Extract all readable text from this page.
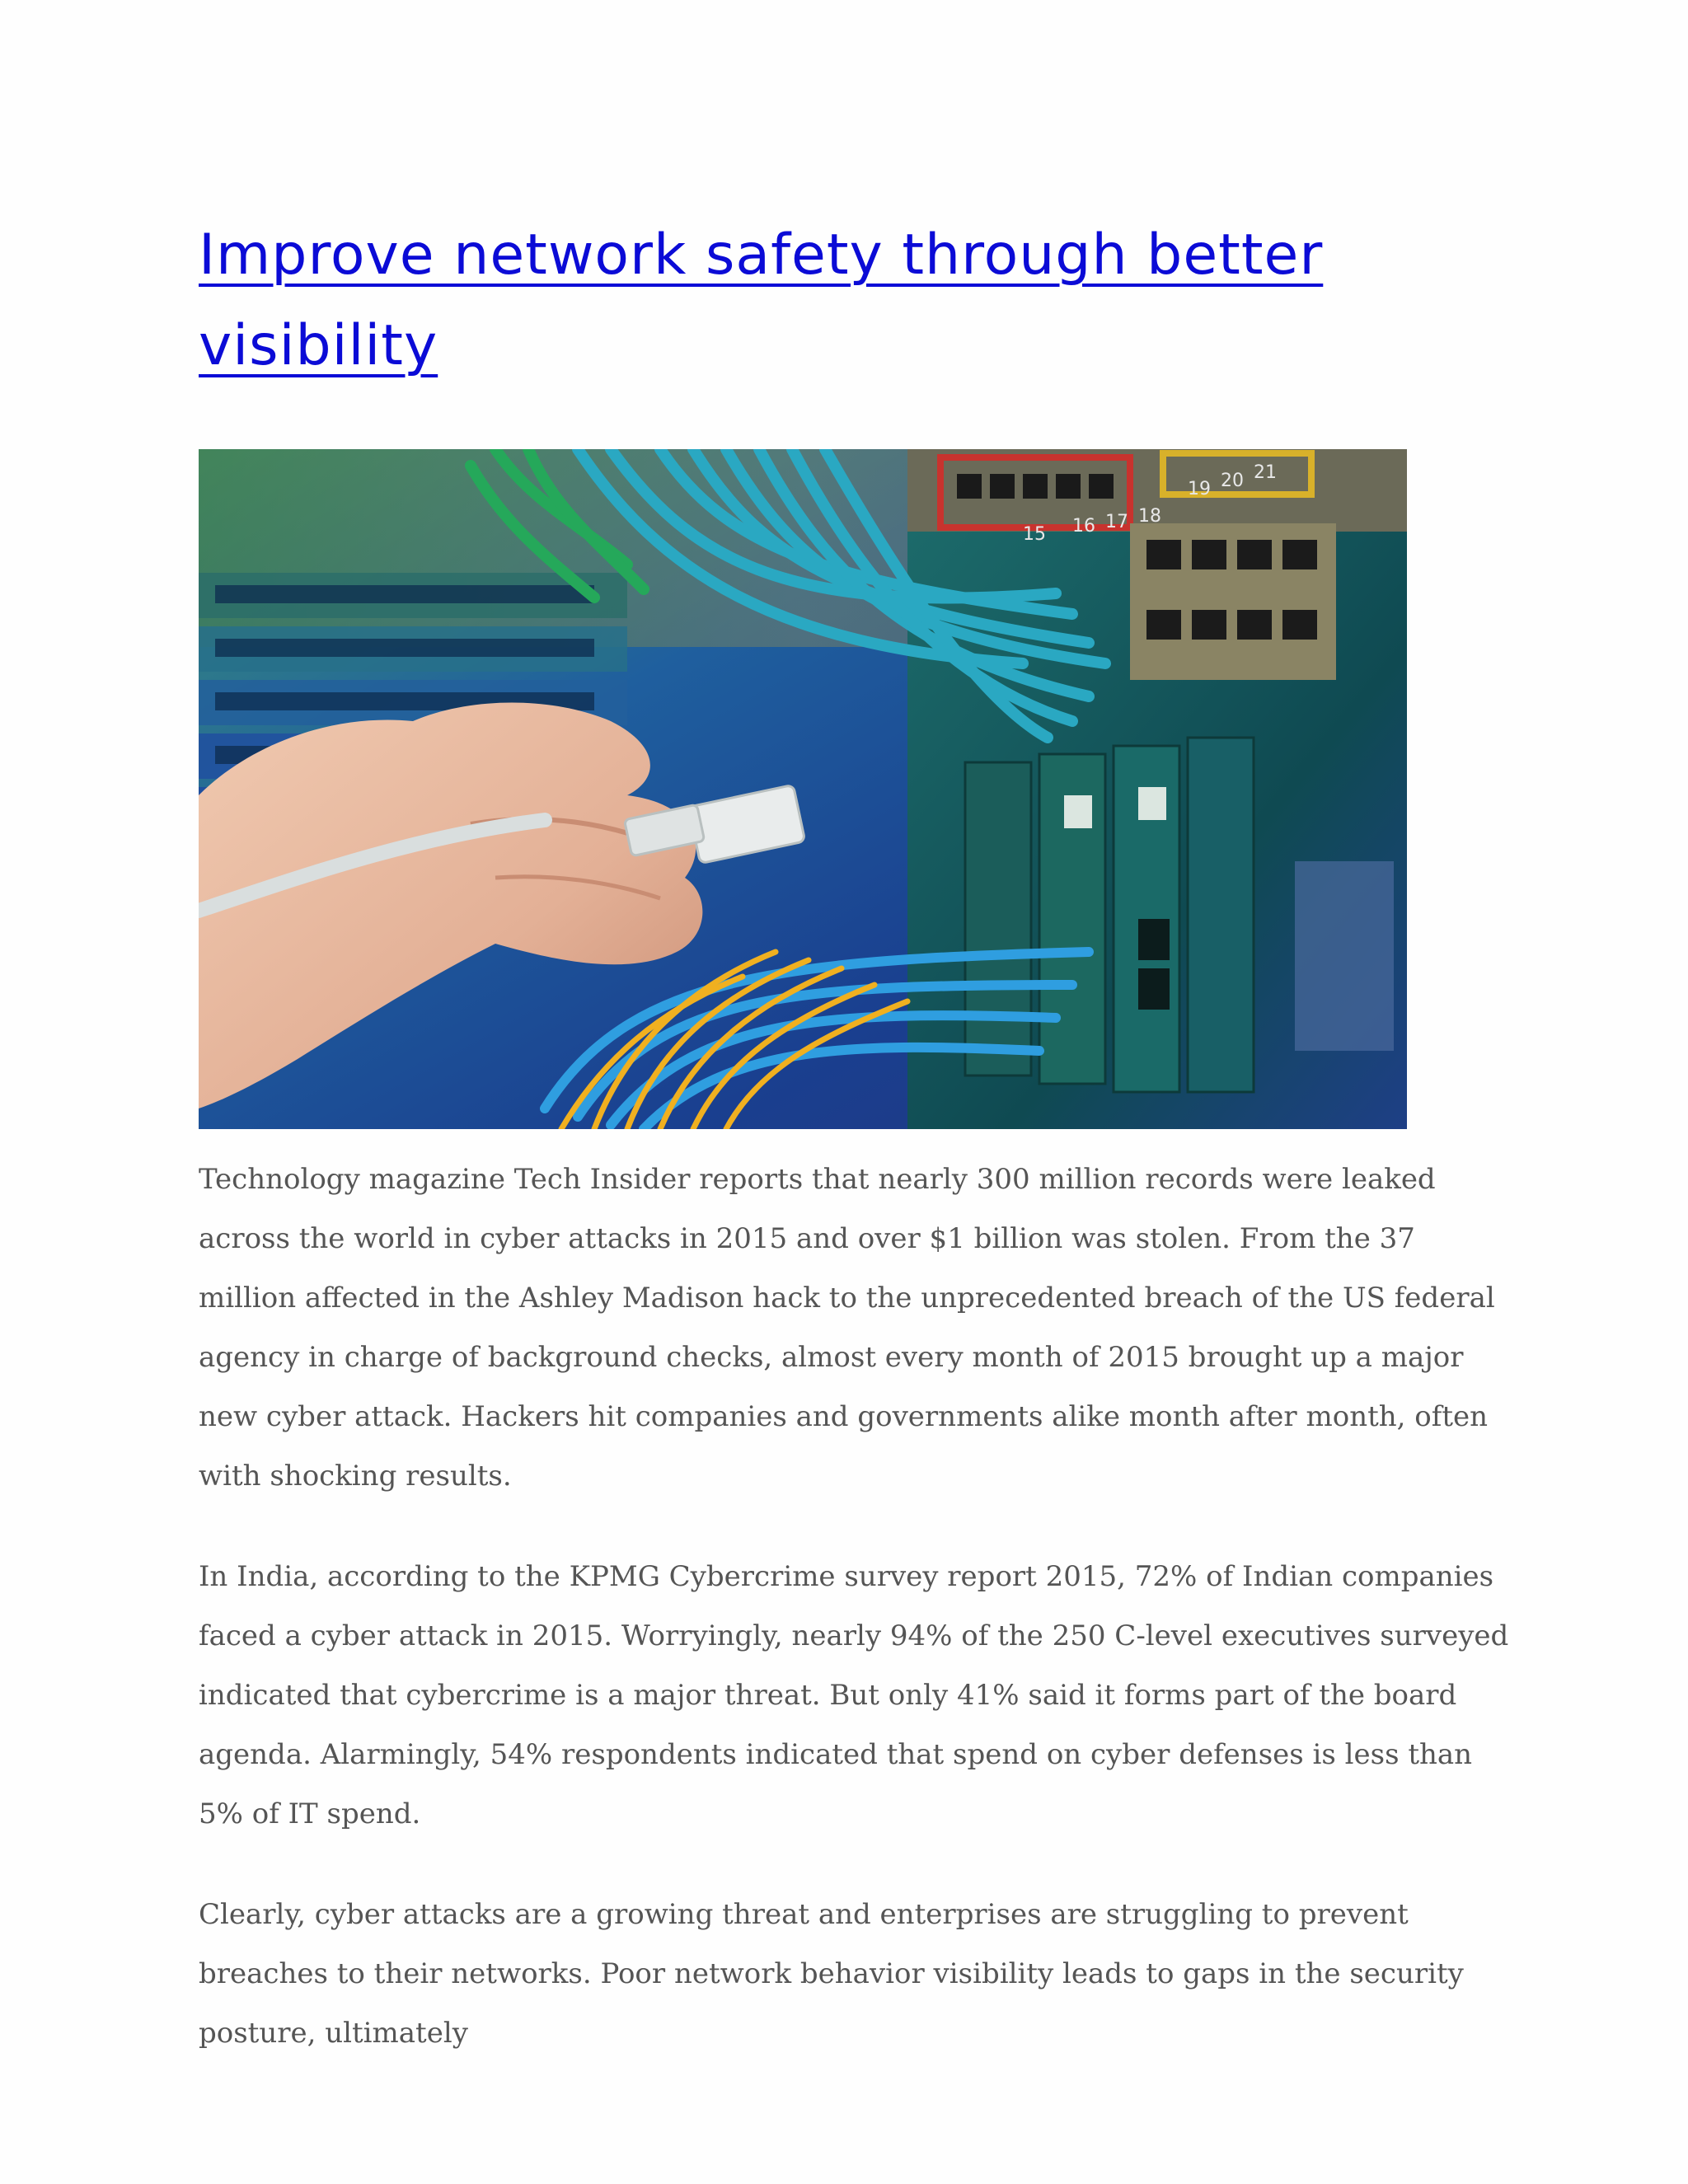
Improve network safety through better visibility
15 16 17 18
19 20 21

Technology magazine Tech Insider reports that nearly 300 million records were leaked across the world in cyber attacks in 2015 and over $1 billion was stolen. From the 37 million affected in the Ashley Madison hack to the unprecedented breach of the US federal agency in charge of background checks, almost every month of 2015 brought up a major new cyber attack. Hackers hit companies and governments alike month after month, often with shocking results.

In India, according to the KPMG Cybercrime survey report 2015, 72% of Indian companies faced a cyber attack in 2015. Worryingly, nearly 94% of the 250 C-level executives surveyed indicated that cybercrime is a major threat. But only 41% said it forms part of the board agenda. Alarmingly, 54% respondents indicated that spend on cyber defenses is less than 5% of IT spend.

Clearly, cyber attacks are a growing threat and enterprises are struggling to prevent breaches to their networks. Poor network behavior visibility leads to gaps in the security posture, ultimately
